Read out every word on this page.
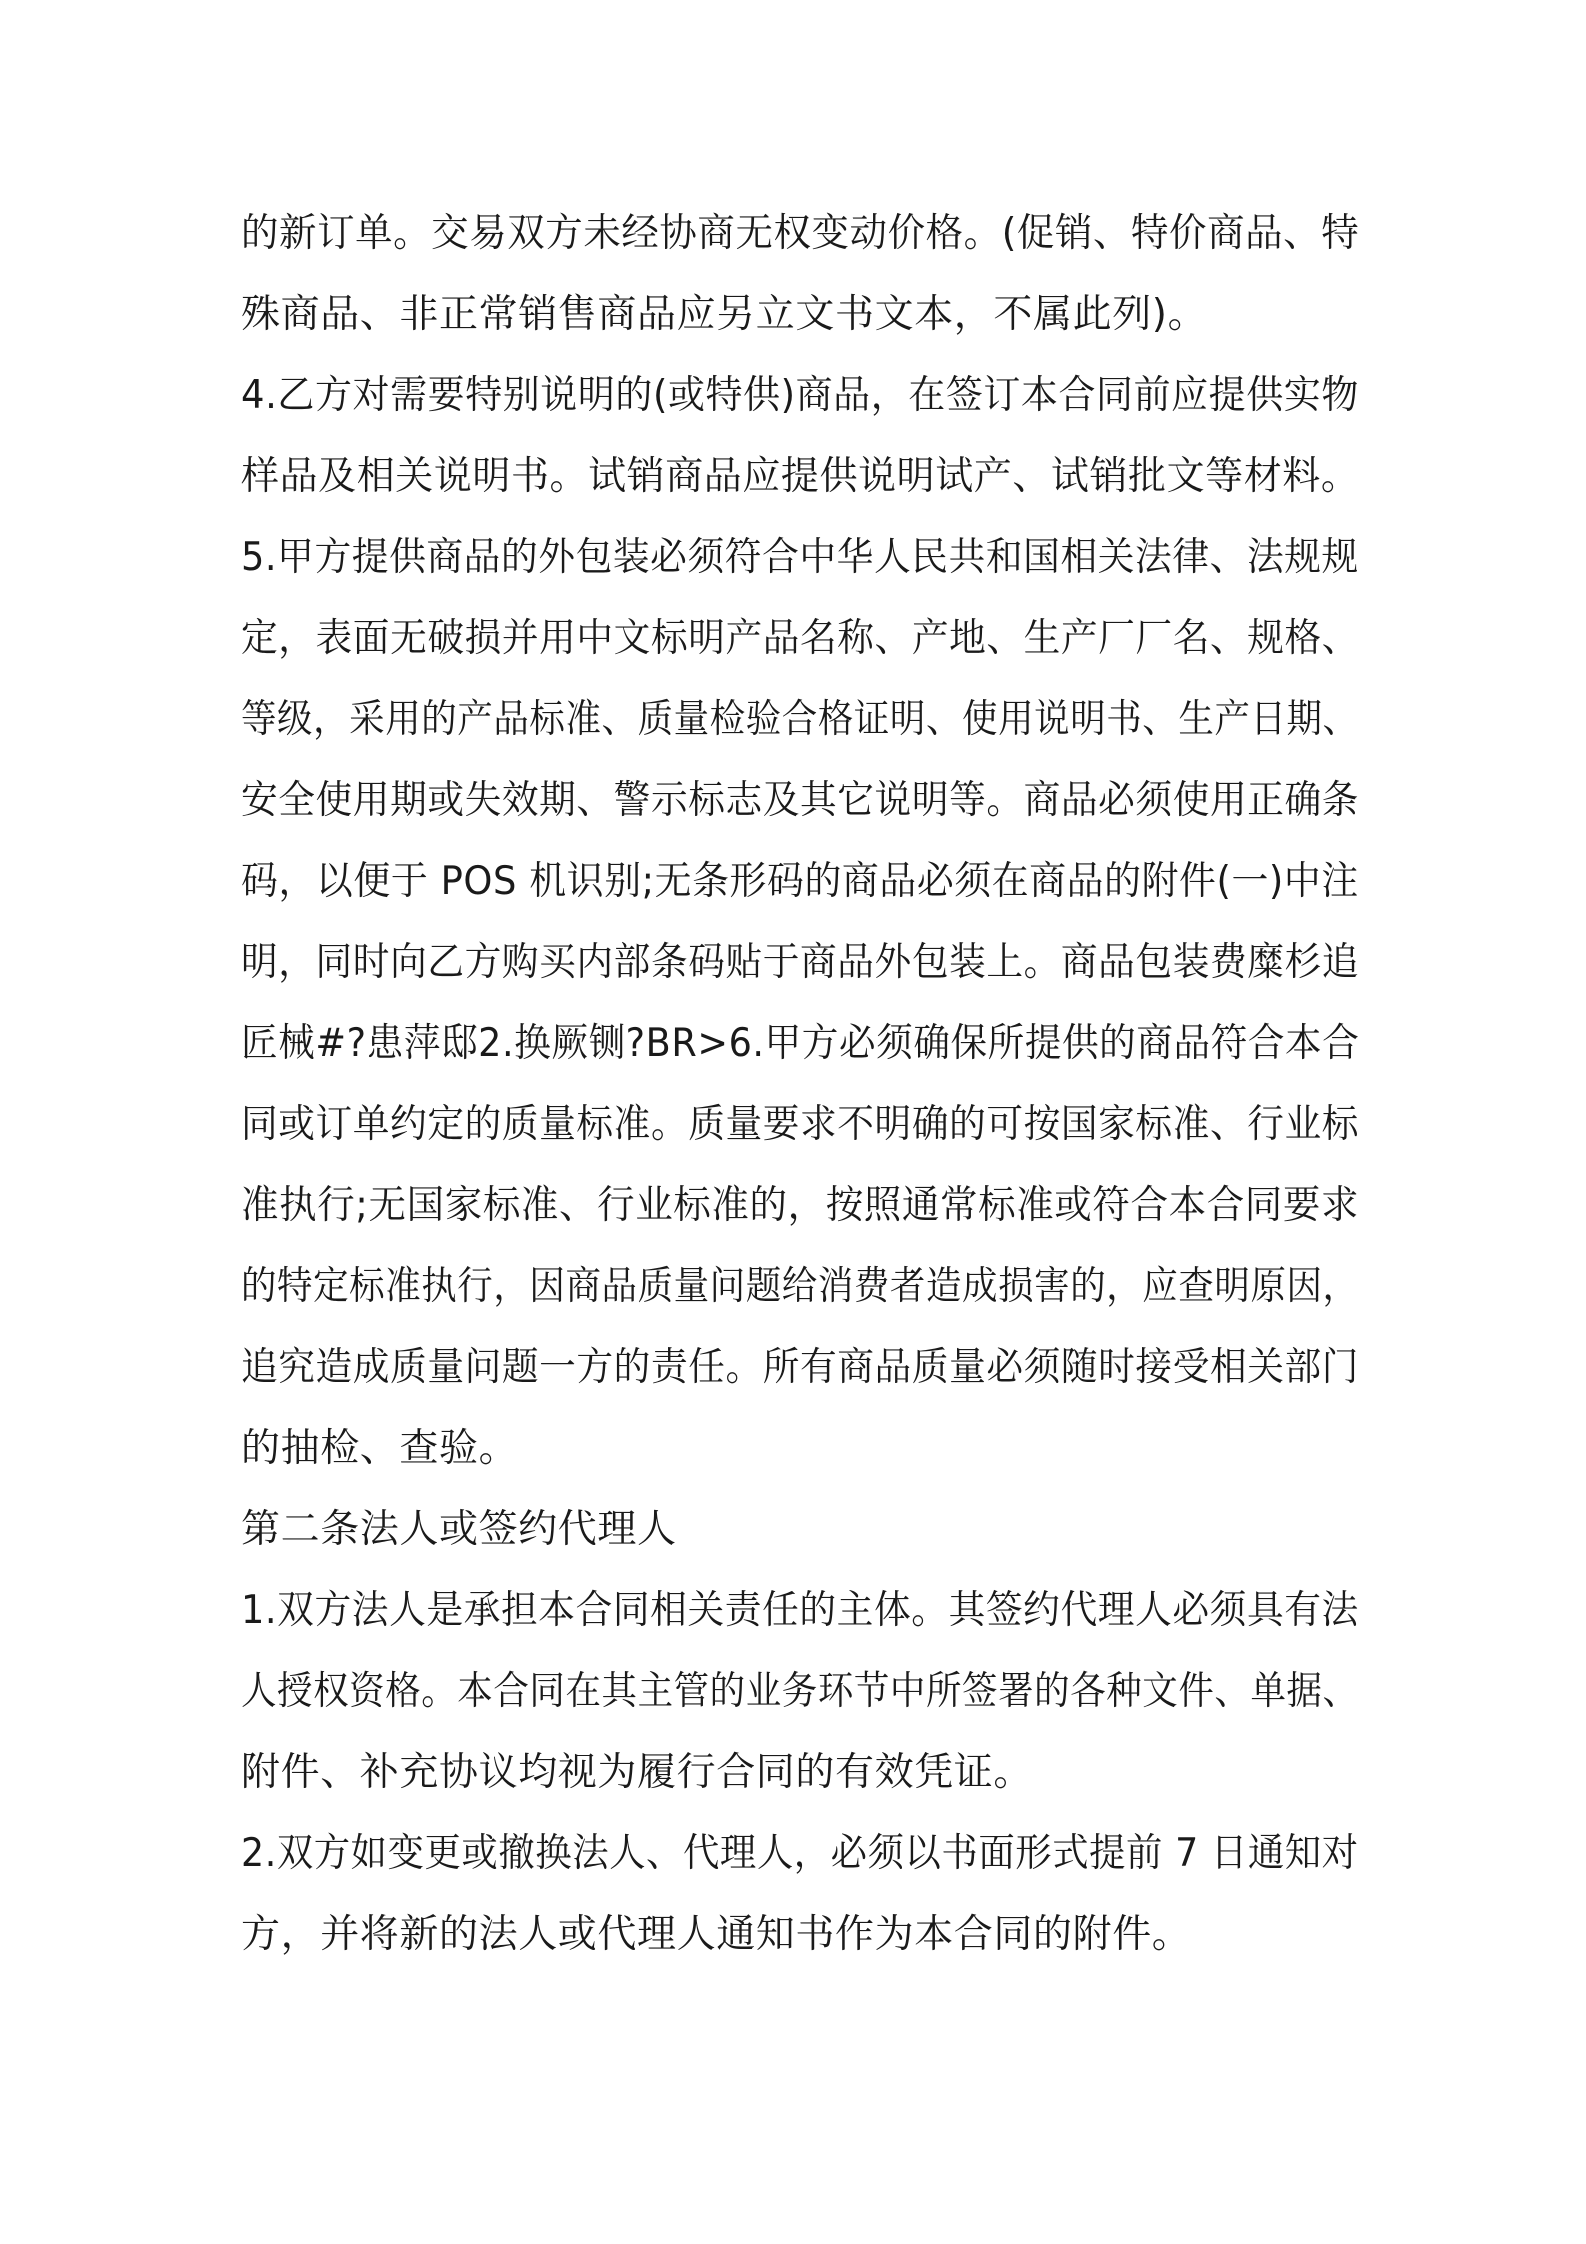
的新订单。交易双方未经协商无权变动价格。(促销、特价商品、特
殊商品、非正常销售商品应另立文书文本，不属此列)。
4.乙方对需要特别说明的(或特供)商品，在签订本合同前应提供实物 样品及相关说明书。试销商品应提供说明试产、试销批文等材料。
5.甲方提供商品的外包装必须符合中华人民共和国相关法律、法规规 定，表面无破损并用中文标明产品名称、产地、生产厂厂名、规格、 等级，采用的产品标准、质量检验合格证明、使用说明书、生产日期、 安全使用期或失效期、警示标志及其它说明等。商品必须使用正确条 码，以便于 POS 机识别;无条形码的商品必须在商品的附件(一)中注 明，同时向乙方购买内部条码贴于商品外包装上。商品包装费糜杉追 匠械#?患萍邸2.换厥铡?BR>6.甲方必须确保所提供的商品符合本合 同或订单约定的质量标准。质量要求不明确的可按国家标准、行业标 准执行;无国家标准、行业标准的，按照通常标准或符合本合同要求 的特定标准执行，因商品质量问题给消费者造成损害的，应查明原因， 追究造成质量问题一方的责任。所有商品质量必须随时接受相关部门
的抽检、查验。
第二条法人或签约代理人
1.双方法人是承担本合同相关责任的主体。其签约代理人必须具有法 人授权资格。本合同在其主管的业务环节中所签署的各种文件、单据、
附件、补充协议均视为履行合同的有效凭证。
2.双方如变更或撤换法人、代理人，必须以书面形式提前 7 日通知对
方，并将新的法人或代理人通知书作为本合同的附件。
